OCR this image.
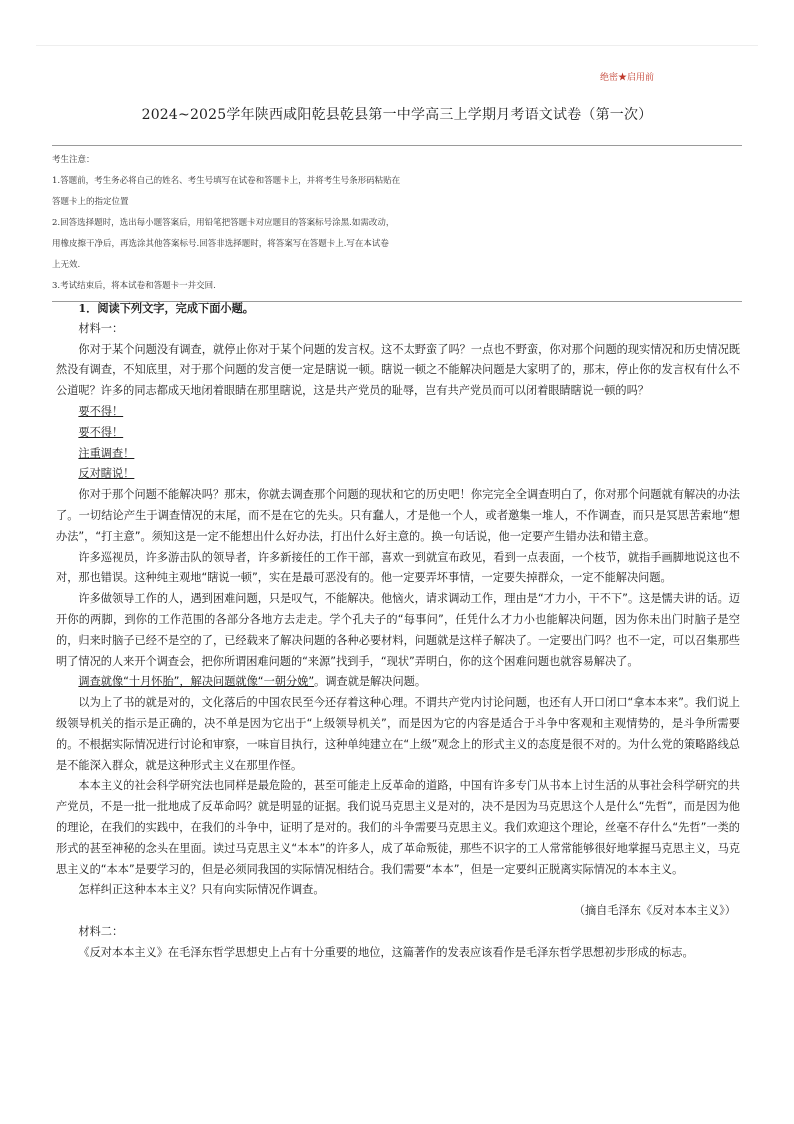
绝密★启用前
2024~2025学年陕西咸阳乾县乾县第一中学高三上学期月考语文试卷（第一次）
考生注意：
1.答题前，考生务必将自己的姓名、考生号填写在试卷和答题卡上，并将考生号条形码粘贴在
答题卡上的指定位置
2.回答选择题时，选出每小题答案后，用铅笔把答题卡对应题目的答案标号涂黑.如需改动，
用橡皮擦干净后，再选涂其他答案标号.回答非选择题时，将答案写在答题卡上.写在本试卷
上无效.
3.考试结束后，将本试卷和答题卡一并交回.

1．阅读下列文字，完成下面小题。

材料一：

你对于某个问题没有调查，就停止你对于某个问题的发言权。这不太野蛮了吗？一点也不野蛮，你对那个问题的现实情况和历史情况既然没有调查，不知底里，对于那个问题的发言便一定是瞎说一顿。瞎说一顿之不能解决问题是大家明了的，那末，停止你的发言权有什么不公道呢？许多的同志都成天地闭着眼睛在那里瞎说，这是共产党员的耻辱，岂有共产党员而可以闭着眼睛瞎说一顿的吗？

要不得！

要不得！

注重调查！

反对瞎说！

你对于那个问题不能解决吗？那末，你就去调查那个问题的现状和它的历史吧！你完完全全调查明白了，你对那个问题就有解决的办法了。一切结论产生于调查情况的末尾，而不是在它的先头。只有蠢人，才是他一个人，或者邀集一堆人，不作调查，而只是冥思苦索地“想办法”，“打主意”。须知这是一定不能想出什么好办法，打出什么好主意的。换一句话说，他一定要产生错办法和错主意。

许多巡视员，许多游击队的领导者，许多新接任的工作干部，喜欢一到就宣布政见，看到一点表面，一个枝节，就指手画脚地说这也不对，那也错误。这种纯主观地“瞎说一顿”，实在是最可恶没有的。他一定要弄坏事情，一定要失掉群众，一定不能解决问题。

许多做领导工作的人，遇到困难问题，只是叹气，不能解决。他恼火，请求调动工作，理由是“才力小，干不下”。这是懦夫讲的话。迈开你的两脚，到你的工作范围的各部分各地方去走走。学个孔夫子的“每事问”，任凭什么才力小也能解决问题，因为你未出门时脑子是空的，归来时脑子已经不是空的了，已经载来了解决问题的各种必要材料，问题就是这样子解决了。一定要出门吗？也不一定，可以召集那些明了情况的人来开个调查会，把你所谓困难问题的“来源”找到手，“现状”弄明白，你的这个困难问题也就容易解决了。

调查就像“十月怀胎”，解决问题就像“一朝分娩”。调查就是解决问题。

以为上了书的就是对的，文化落后的中国农民至今还存着这种心理。不谓共产党内讨论问题，也还有人开口闭口“拿本本来”。我们说上级领导机关的指示是正确的，决不单是因为它出于“上级领导机关”，而是因为它的内容是适合于斗争中客观和主观情势的，是斗争所需要的。不根据实际情况进行讨论和审察，一味盲目执行，这种单纯建立在“上级”观念上的形式主义的态度是很不对的。为什么党的策略路线总是不能深入群众，就是这种形式主义在那里作怪。

本本主义的社会科学研究法也同样是最危险的，甚至可能走上反革命的道路，中国有许多专门从书本上讨生活的从事社会科学研究的共产党员，不是一批一批地成了反革命吗？就是明显的证据。我们说马克思主义是对的，决不是因为马克思这个人是什么“先哲”，而是因为他的理论，在我们的实践中，在我们的斗争中，证明了是对的。我们的斗争需要马克思主义。我们欢迎这个理论，丝毫不存什么“先哲”一类的形式的甚至神秘的念头在里面。读过马克思主义“本本”的许多人，成了革命叛徒，那些不识字的工人常常能够很好地掌握马克思主义，马克思主义的“本本”是要学习的，但是必须同我国的实际情况相结合。我们需要“本本”，但是一定要纠正脱离实际情况的本本主义。

怎样纠正这种本本主义？只有向实际情况作调查。

（摘自毛泽东《反对本本主义》）

材料二：

《反对本本主义》在毛泽东哲学思想史上占有十分重要的地位，这篇著作的发表应该看作是毛泽东哲学思想初步形成的标志。
